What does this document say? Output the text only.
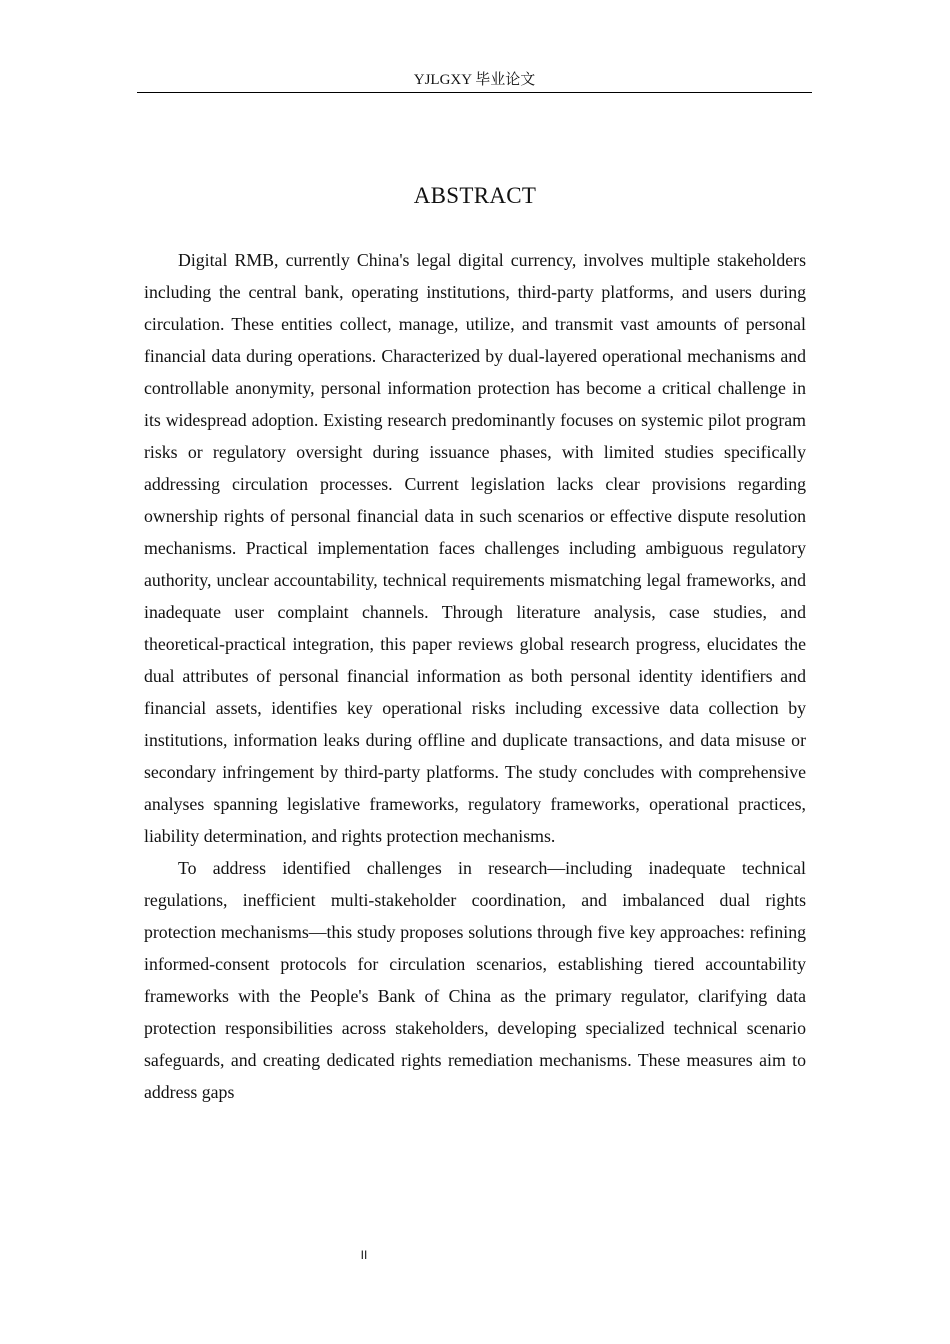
YJLGXY 毕业论文
ABSTRACT

Digital RMB, currently China's legal digital currency, involves multiple stakeholders including the central bank, operating institutions, third-party platforms, and users during circulation. These entities collect, manage, utilize, and transmit vast amounts of personal financial data during operations. Characterized by dual-layered operational mechanisms and controllable anonymity, personal information protection has become a critical challenge in its widespread adoption. Existing research predominantly focuses on systemic pilot program risks or regulatory oversight during issuance phases, with limited studies specifically addressing circulation processes. Current legislation lacks clear provisions regarding ownership rights of personal financial data in such scenarios or effective dispute resolution mechanisms. Practical implementation faces challenges including ambiguous regulatory authority, unclear accountability, technical requirements mismatching legal frameworks, and inadequate user complaint channels. Through literature analysis, case studies, and theoretical-practical integration, this paper reviews global research progress, elucidates the dual attributes of personal financial information as both personal identity identifiers and financial assets, identifies key operational risks including excessive data collection by institutions, information leaks during offline and duplicate transactions, and data misuse or secondary infringement by third-party platforms. The study concludes with comprehensive analyses spanning legislative frameworks, regulatory frameworks, operational practices, liability determination, and rights protection mechanisms.

To address identified challenges in research—including inadequate technical regulations, inefficient multi-stakeholder coordination, and imbalanced dual rights protection mechanisms—this study proposes solutions through five key approaches: refining informed-consent protocols for circulation scenarios, establishing tiered accountability frameworks with the People's Bank of China as the primary regulator, clarifying data protection responsibilities across stakeholders, developing specialized technical scenario safeguards, and creating dedicated rights remediation mechanisms. These measures aim to address gaps

II
